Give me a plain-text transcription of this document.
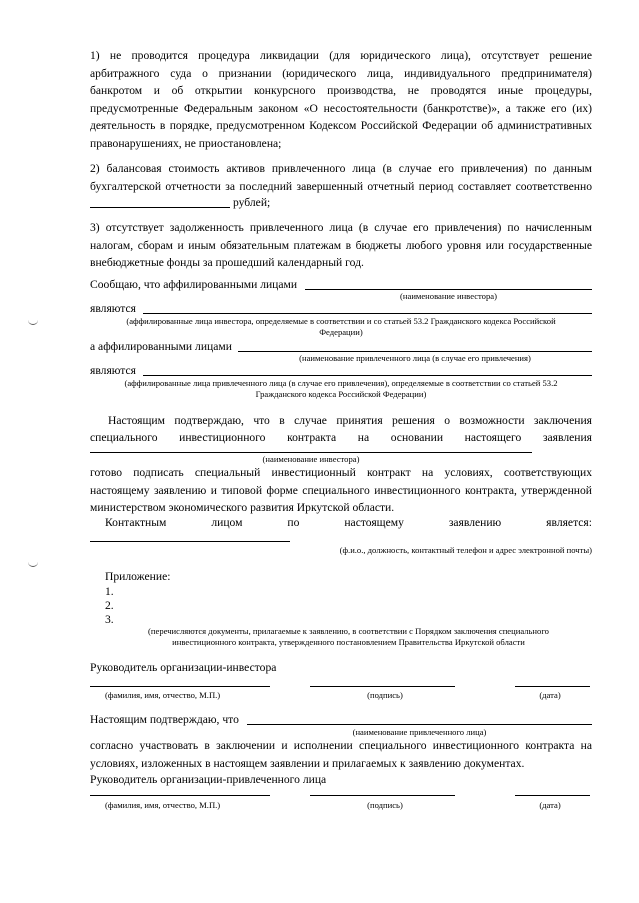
1) не проводится процедура ликвидации (для юридического лица), отсутствует решение
арбитражного суда о признании (юридического лица, индивидуального предпринимателя)
банкротом и об открытии конкурсного производства, не проводятся иные процедуры,
предусмотренные Федеральным законом «О несостоятельности (банкротстве)», а также его (их)
деятельность в порядке, предусмотренном Кодексом Российской Федерации об административных
правонарушениях, не приостановлена;
2) балансовая стоимость активов привлеченного лица (в случае его привлечения) по данным
бухгалтерской отчетности за последний завершенный отчетный период составляет соответственно
рублей;
3) отсутствует задолженность привлеченного лица (в случае его привлечения) по начисленным
налогам, сборам и иным обязательным платежам в бюджеты любого уровня или государственные
внебюджетные фонды за прошедший календарный год.
Сообщаю, что аффилированными лицами
(наименование инвестора)
являются
(аффилированные лица инвестора, определяемые в соответствии и со статьей 53.2 Гражданского кодекса Российской
Федерации)
а аффилированными лицами
(наименование привлеченного лица (в случае его привлечения)
являются
(аффилированные лица привлеченного лица (в случае его привлечения), определяемые в соответствии со статьей 53.2
Гражданского кодекса Российской Федерации)
Настоящим подтверждаю, что в случае принятия решения о возможности заключения
специального инвестиционного контракта на основании настоящего заявления
(наименование инвестора)
готово подписать специальный инвестиционный контракт на условиях, соответствующих
настоящему заявлению и типовой форме специального инвестиционного контракта, утвержденной
министерством экономического развития Иркутской области.
Контактным лицом по настоящему заявлению является:
(ф.и.о., должность, контактный телефон и адрес электронной почты)
Приложение:
1.
2.
3.
(перечисляются документы, прилагаемые к заявлению, в соответствии с Порядком заключения специального
инвестиционного контракта, утвержденного постановлением Правительства Иркутской области
Руководитель организации-инвестора
(фамилия, имя, отчество, М.П.)	(подпись)	(дата)
Настоящим подтверждаю, что
(наименование привлеченного лица)
согласно участвовать в заключении и исполнении специального инвестиционного контракта на
условиях, изложенных в настоящем заявлении и прилагаемых к заявлению документах.
Руководитель организации-привлеченного лица
(фамилия, имя, отчество, М.П.)	(подпись)	(дата)
